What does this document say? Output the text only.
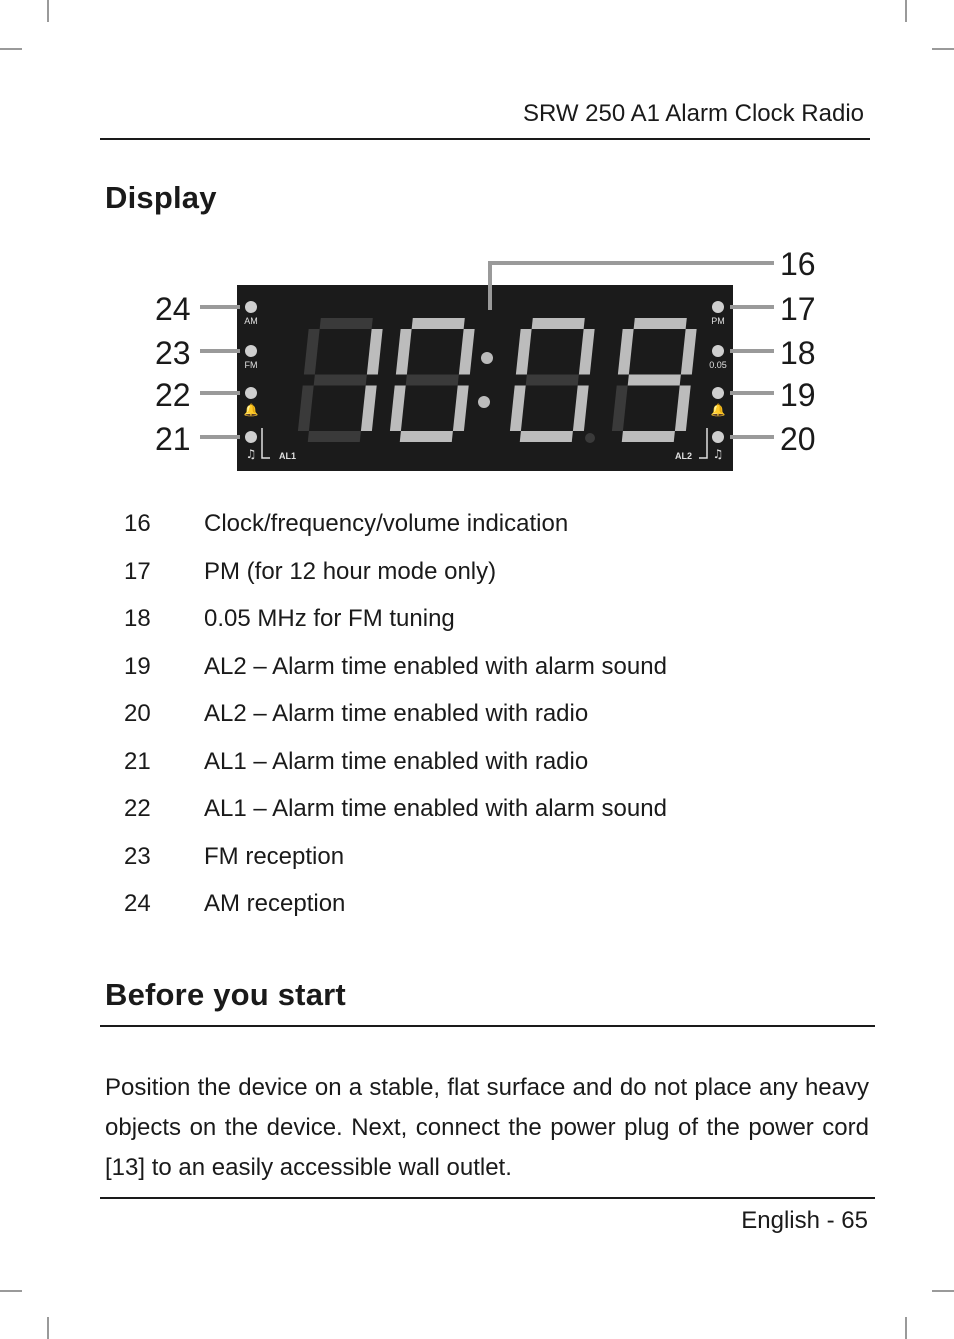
SRW 250 A1 Alarm Clock Radio
Display
AM
24
FM
23
🔔
22
♫
21
PM 17
0.05 18
🔔 19
♫ 20
AL1	AL2
16
16	Clock/frequency/volume indication
17	PM (for 12 hour mode only)
18	0.05 MHz for FM tuning
19	AL2 – Alarm time enabled with alarm sound
20	AL2 – Alarm time enabled with radio
21	AL1 – Alarm time enabled with radio
22	AL1 – Alarm time enabled with alarm sound
23	FM reception
24	AM reception
Before you start

Position the device on a stable, flat surface and do not place any heavy objects on the device. Next, connect the power plug of the power cord [13] to an easily accessible wall outlet.

English - 65
